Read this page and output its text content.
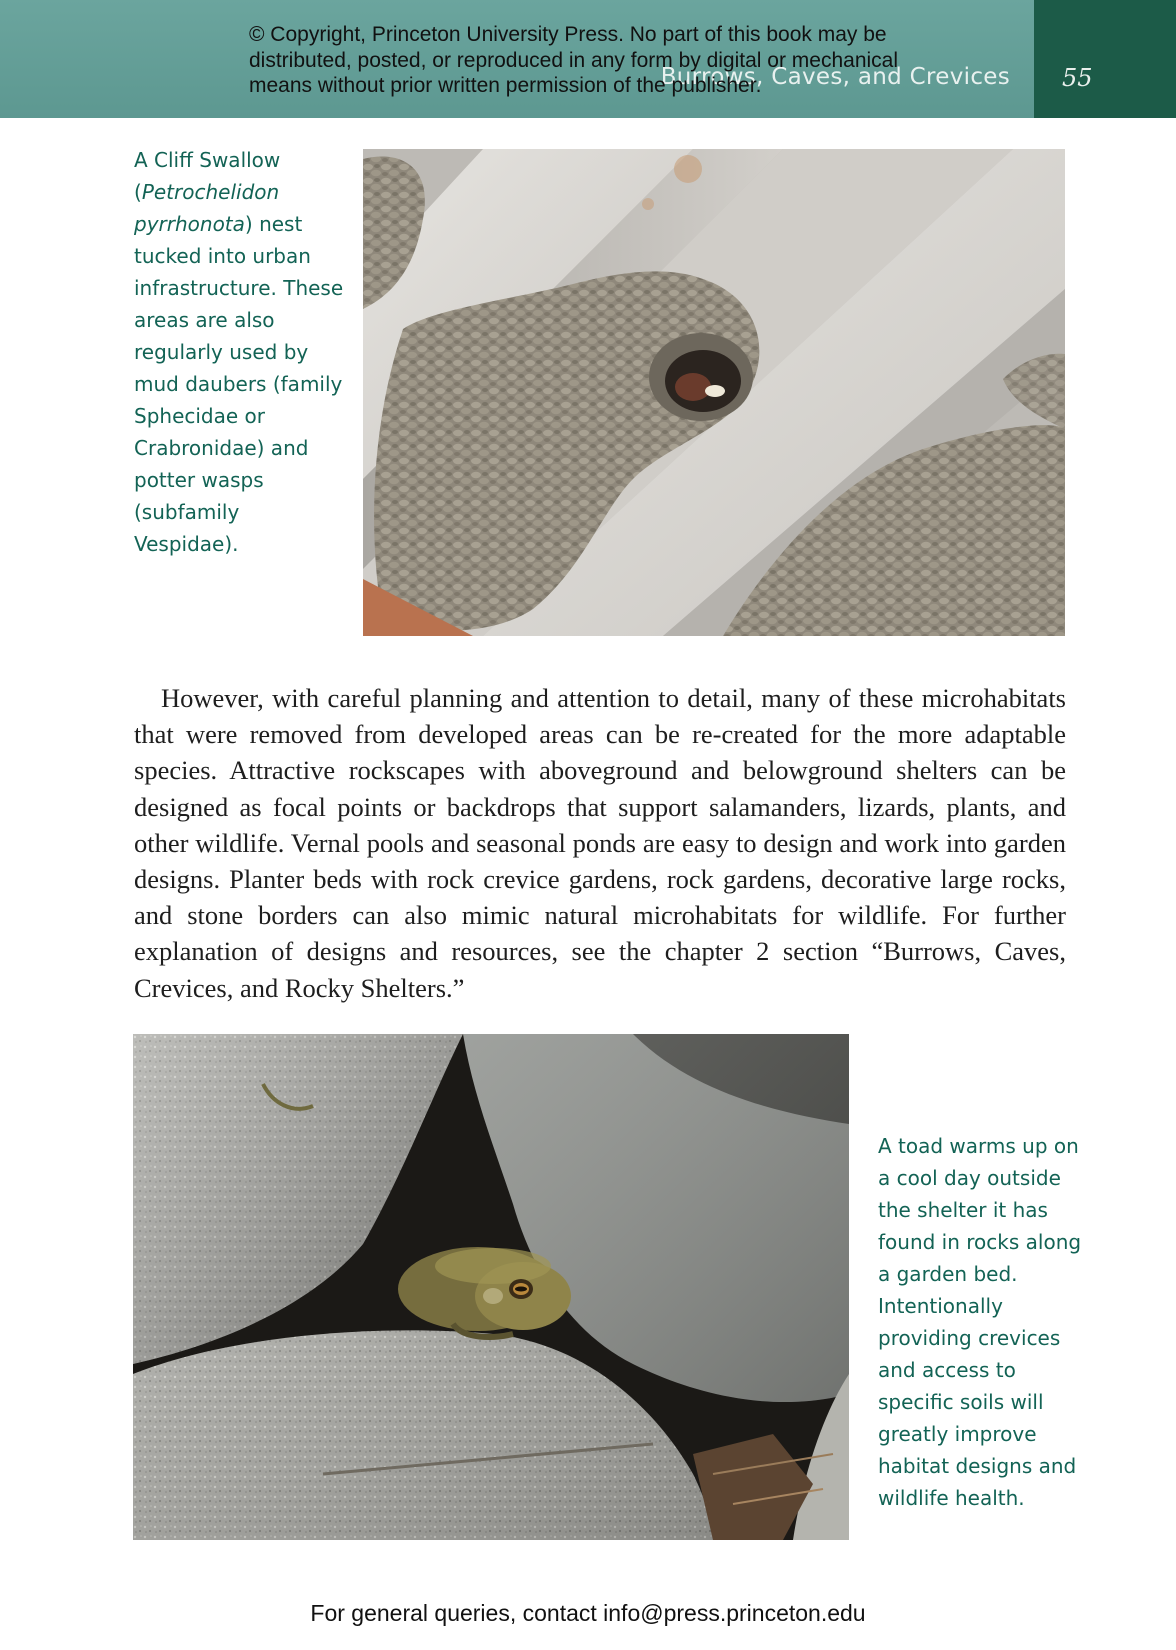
Burrows, Caves, and Crevices 55
© Copyright, Princeton University Press. No part of this book may be distributed, posted, or reproduced in any form by digital or mechanical means without prior written permission of the publisher.
A Cliff Swallow (Petrochelidon pyrrhonota) nest tucked into urban infrastructure. These areas are also regularly used by mud daubers (family Sphecidae or Crabronidae) and potter wasps (subfamily Vespidae).

However, with careful planning and attention to detail, many of these microhabitats that were removed from developed areas can be re-created for the more adaptable species. Attractive rockscapes with aboveground and belowground shelters can be designed as focal points or backdrops that support salamanders, lizards, plants, and other wildlife. Vernal pools and seasonal ponds are easy to design and work into garden designs. Planter beds with rock crevice gardens, rock gardens, decorative large rocks, and stone borders can also mimic natural microhabitats for wildlife. For further explanation of designs and resources, see the chapter 2 section “Burrows, Caves, Crevices, and Rocky Shelters.”

A toad warms up on a cool day outside the shelter it has found in rocks along a garden bed. Intentionally providing crevices and access to specific soils will greatly improve habitat designs and wildlife health.
For general queries, contact info@press.princeton.edu
